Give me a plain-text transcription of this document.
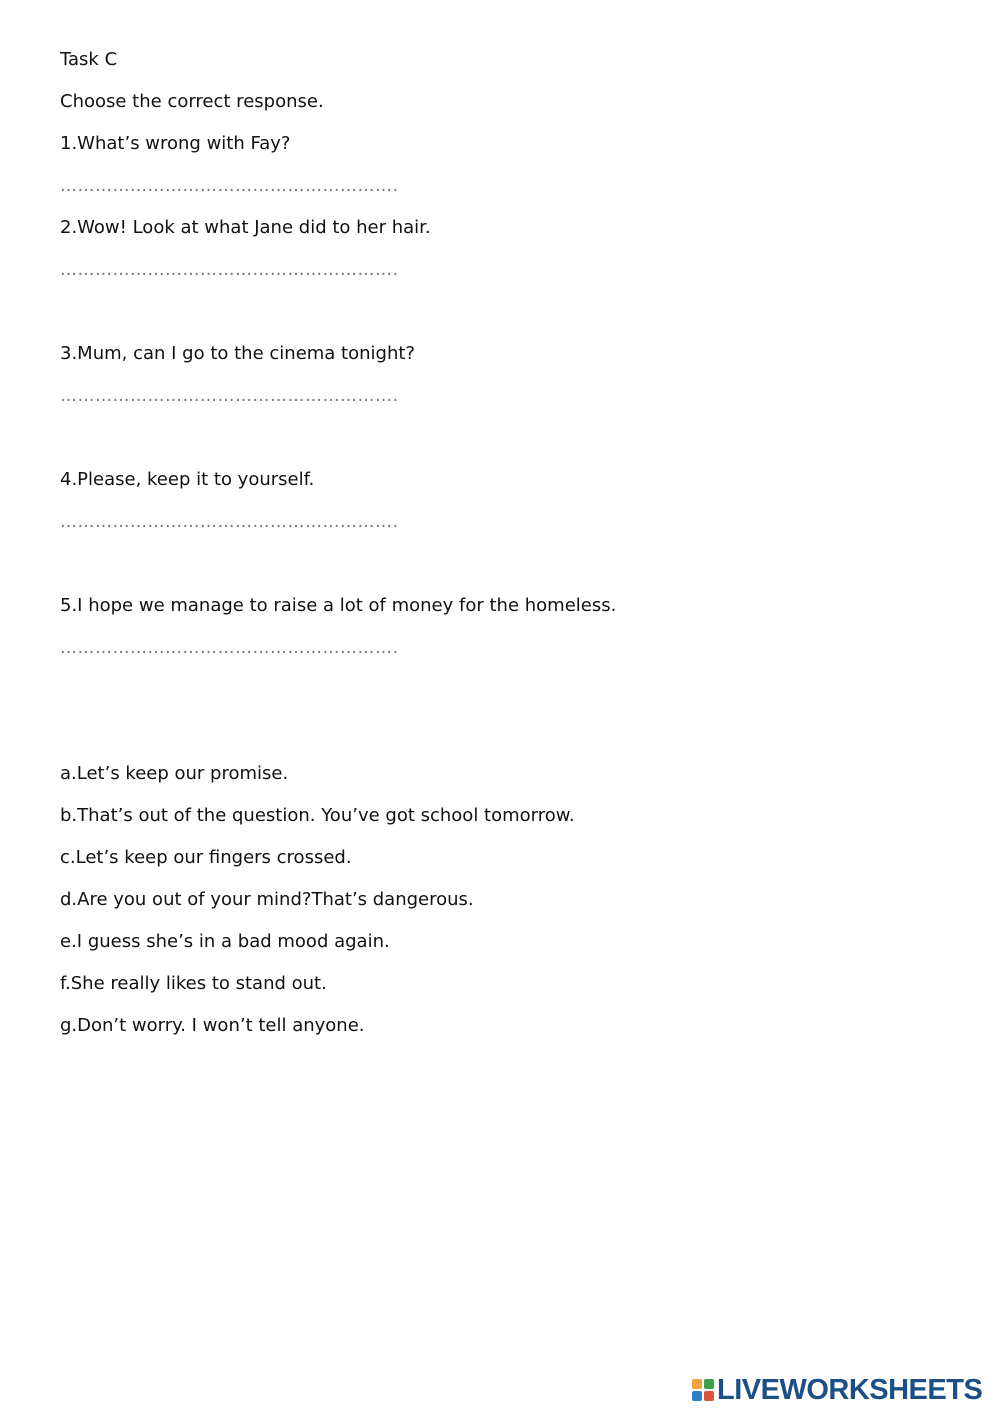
Task C
Choose the correct response.
1.What’s wrong with Fay?
…………………………………………………….
2.Wow! Look at what Jane did to her hair.
…………………………………………………….
3.Mum, can I go to the cinema tonight?
…………………………………………………….
4.Please, keep it to yourself.
…………………………………………………….
5.I hope we manage to raise a lot of money for the homeless.
…………………………………………………….
a.Let’s keep our promise.
b.That’s out of the question. You’ve got school tomorrow.
c.Let’s keep our fingers crossed.
d.Are you out of your mind?That’s dangerous.
e.I guess she’s in a bad mood again.
f.She really likes to stand out.
g.Don’t worry. I won’t tell anyone.
LIVEWORKSHEETS
